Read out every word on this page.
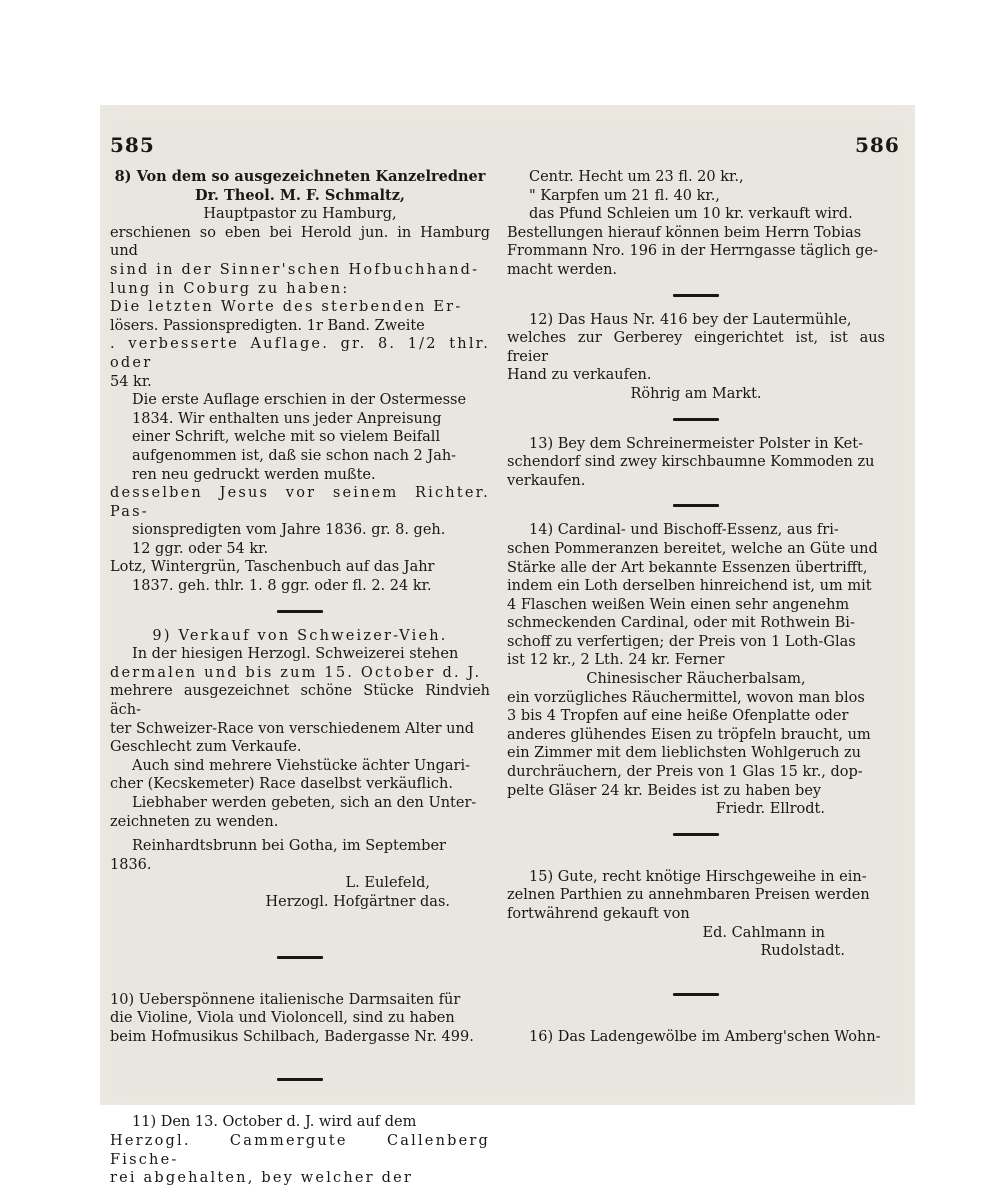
585	586

8) Von dem so ausgezeichneten Kanzelredner

Dr. Theol. M. F. Schmaltz,

Hauptpastor zu Hamburg,

erschienen so eben bei Herold jun. in Hamburg und

sind in der Sinner'schen Hofbuchhand-

lung in Coburg zu haben:

Die letzten Worte des sterbenden Er-

lösers. Passionspredigten. 1r Band. Zweite

. verbesserte Auflage. gr. 8. 1/2 thlr. oder

54 kr.

Die erste Auflage erschien in der Ostermesse

1834. Wir enthalten uns jeder Anpreisung

einer Schrift, welche mit so vielem Beifall

aufgenommen ist, daß sie schon nach 2 Jah-

ren neu gedruckt werden mußte.

desselben Jesus vor seinem Richter. Pas-

sionspredigten vom Jahre 1836. gr. 8. geh.

12 ggr. oder 54 kr.

Lotz, Wintergrün, Taschenbuch auf das Jahr

1837. geh. thlr. 1. 8 ggr. oder fl. 2. 24 kr.

9) Verkauf von Schweizer-Vieh.

In der hiesigen Herzogl. Schweizerei stehen

dermalen und bis zum 15. October d. J.

mehrere ausgezeichnet schöne Stücke Rindvieh äch-

ter Schweizer-Race von verschiedenem Alter und

Geschlecht zum Verkaufe.

Auch sind mehrere Viehstücke ächter Ungari-

cher (Kecskemeter) Race daselbst verkäuflich.

Liebhaber werden gebeten, sich an den Unter-

zeichneten zu wenden.

Reinhardtsbrunn bei Gotha, im September

1836.

L. Eulefeld,

Herzogl. Hofgärtner das.

10) Ueberspönnene italienische Darmsaiten für

die Violine, Viola und Violoncell, sind zu haben

beim Hofmusikus Schilbach, Badergasse Nr. 499.

11) Den 13. October d. J. wird auf dem

Herzogl. Cammergute Callenberg Fische-

rei abgehalten, bey welcher der

Centr. Hecht um 23 fl. 20 kr.,

" Karpfen um 21 fl. 40 kr.,

das Pfund Schleien um 10 kr. verkauft wird.

Bestellungen hierauf können beim Herrn Tobias

Frommann Nro. 196 in der Herrngasse täglich ge-

macht werden.

12) Das Haus Nr. 416 bey der Lautermühle,

welches zur Gerberey eingerichtet ist, ist aus freier

Hand zu verkaufen.

Röhrig am Markt.

13) Bey dem Schreinermeister Polster in Ket-

schendorf sind zwey kirschbaumne Kommoden zu

verkaufen.

14) Cardinal- und Bischoff-Essenz, aus fri-

schen Pommeranzen bereitet, welche an Güte und

Stärke alle der Art bekannte Essenzen übertrifft,

indem ein Loth derselben hinreichend ist, um mit

4 Flaschen weißen Wein einen sehr angenehm

schmeckenden Cardinal, oder mit Rothwein Bi-

schoff zu verfertigen; der Preis von 1 Loth-Glas

ist 12 kr., 2 Lth. 24 kr. Ferner

Chinesischer Räucherbalsam,

ein vorzügliches Räuchermittel, wovon man blos

3 bis 4 Tropfen auf eine heiße Ofenplatte oder

anderes glühendes Eisen zu tröpfeln braucht, um

ein Zimmer mit dem lieblichsten Wohlgeruch zu

durchräuchern, der Preis von 1 Glas 15 kr., dop-

pelte Gläser 24 kr. Beides ist zu haben bey

Friedr. Ellrodt.

15) Gute, recht knötige Hirschgeweihe in ein-

zelnen Parthien zu annehmbaren Preisen werden

fortwährend gekauft von

Ed. Cahlmann in

Rudolstadt.

16) Das Ladengewölbe im Amberg'schen Wohn-
